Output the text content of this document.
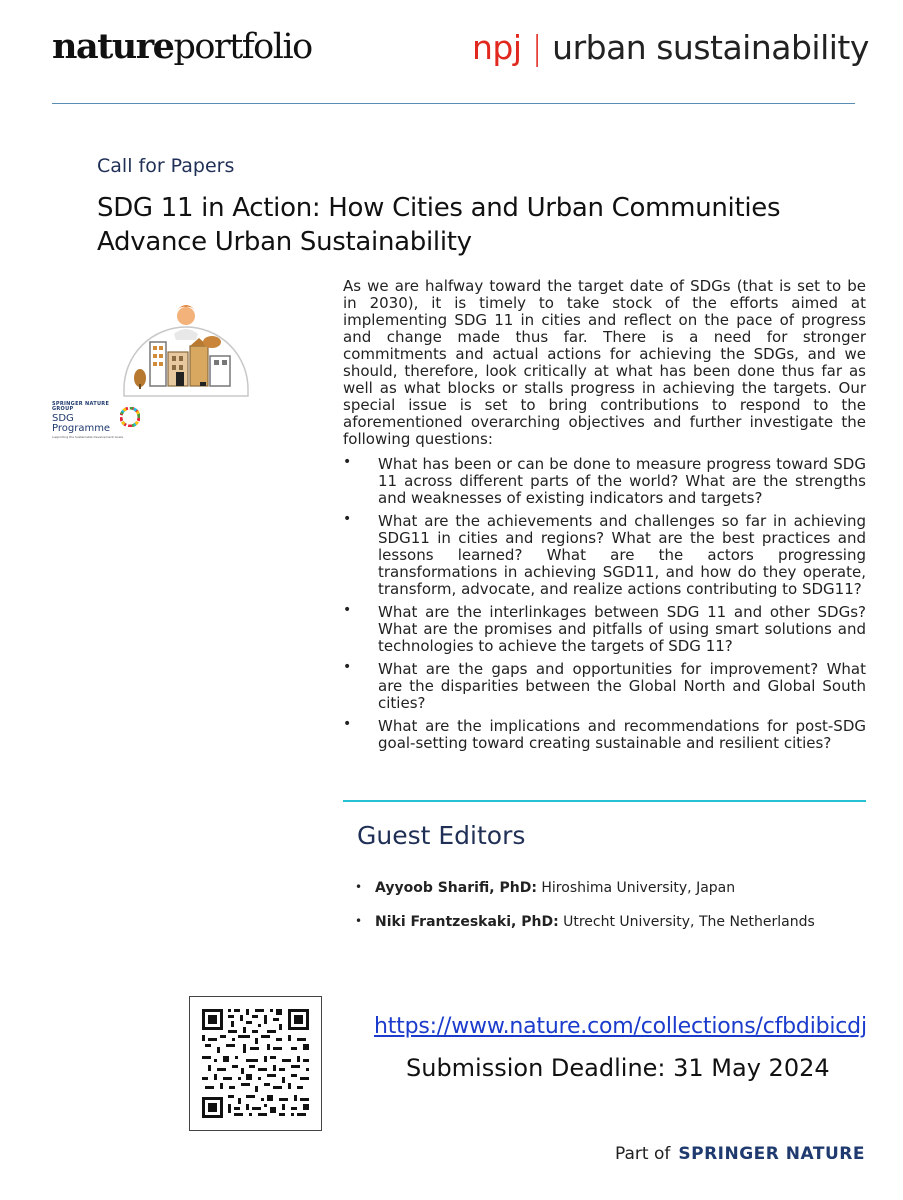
natureportfolio	npj | urban sustainability
Call for Papers
SDG 11 in Action: How Cities and Urban Communities Advance Urban Sustainability
SPRINGER NATURE GROUP
SDG Programme
supporting the Sustainable Development Goals

As we are halfway toward the target date of SDGs (that is set to be in 2030), it is timely to take stock of the efforts aimed at implementing SDG 11 in cities and reflect on the pace of progress and change made thus far. There is a need for stronger commitments and actual actions for achieving the SDGs, and we should, therefore, look critically at what has been done thus far as well as what blocks or stalls progress in achieving the targets. Our special issue is set to bring contributions to respond to the aforementioned overarching objectives and further investigate the following questions:

• What has been or can be done to measure progress toward SDG 11 across different parts of the world? What are the strengths and weaknesses of existing indicators and targets?
• What are the achievements and challenges so far in achieving SDG11 in cities and regions? What are the best practices and lessons learned? What are the actors progressing transformations in achieving SGD11, and how do they operate, transform, advocate, and realize actions contributing to SDG11?
• What are the interlinkages between SDG 11 and other SDGs? What are the promises and pitfalls of using smart solutions and technologies to achieve the targets of SDG 11?
• What are the gaps and opportunities for improvement? What are the disparities between the Global North and Global South cities?
• What are the implications and recommendations for post-SDG goal-setting toward creating sustainable and resilient cities?
Guest Editors
• Ayyoob Sharifi, PhD: Hiroshima University, Japan
• Niki Frantzeskaki, PhD: Utrecht University, The Netherlands
https://www.nature.com/collections/cfbdibicdj
Submission Deadline: 31 May 2024
Part of SPRINGER NATURE
